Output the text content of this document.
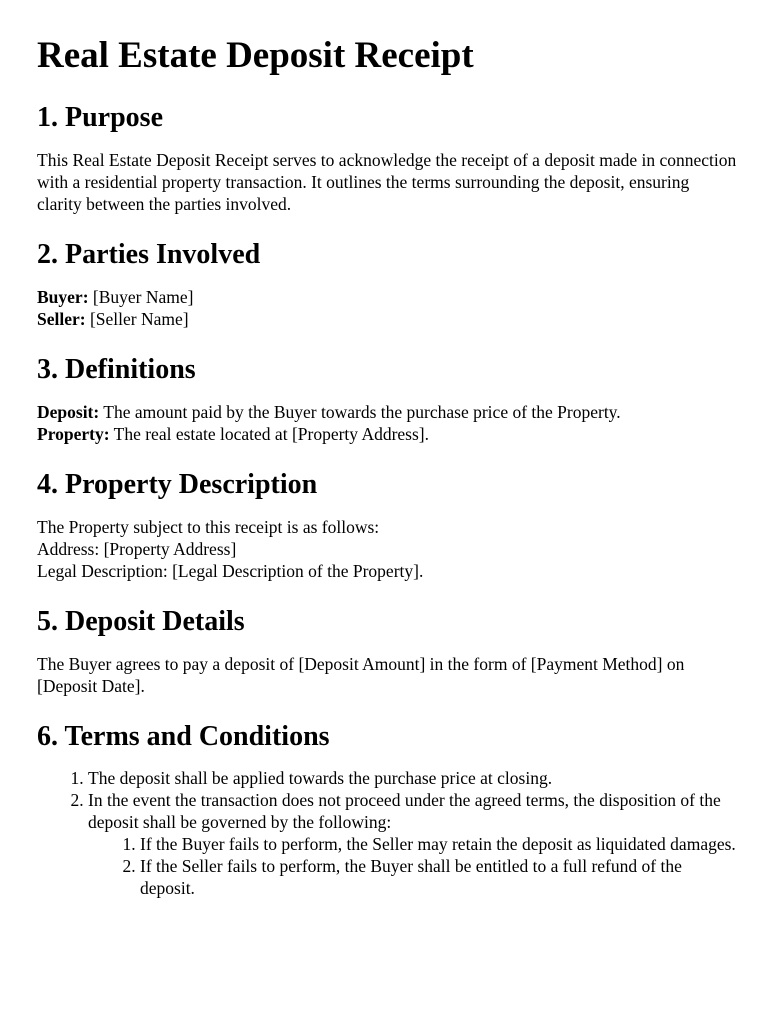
Real Estate Deposit Receipt
1. Purpose

This Real Estate Deposit Receipt serves to acknowledge the receipt of a deposit made in connection with a residential property transaction. It outlines the terms surrounding the deposit, ensuring clarity between the parties involved.

2. Parties Involved

Buyer: [Buyer Name]
Seller: [Seller Name]

3. Definitions

Deposit: The amount paid by the Buyer towards the purchase price of the Property.
Property: The real estate located at [Property Address].

4. Property Description

The Property subject to this receipt is as follows:
Address: [Property Address]
Legal Description: [Legal Description of the Property].

5. Deposit Details

The Buyer agrees to pay a deposit of [Deposit Amount] in the form of [Payment Method] on [Deposit Date].

6. Terms and Conditions
1. The deposit shall be applied towards the purchase price at closing.
2. In the event the transaction does not proceed under the agreed terms, the disposition of the deposit shall be governed by the following:
1. If the Buyer fails to perform, the Seller may retain the deposit as liquidated damages.
2. If the Seller fails to perform, the Buyer shall be entitled to a full refund of the deposit.
